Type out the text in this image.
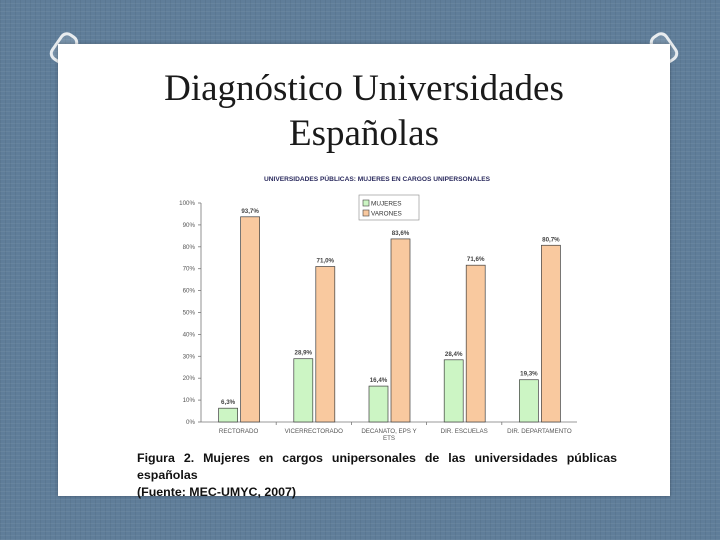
Diagnóstico Universidades
Españolas
UNIVERSIDADES PÚBLICAS: MUJERES EN CARGOS UNIPERSONALES
0%
10%
20%
30%
40%
50%
60%
70%
80%
90%
100%
RECTORADO	VICERRECTORADO	DECANATO, EPS Y ETS
DIR. ESCUELAS	DIR. DEPARTAMENTO
6,3%
93,7%
28,9%
71,0%
16,4%
83,6%
28,4%
71,6%
19,3%
80,7%
MUJERES
VARONES
Figura 2. Mujeres en cargos unipersonales de las universidades públicas españolas
(Fuente: MEC-UMYC, 2007)
